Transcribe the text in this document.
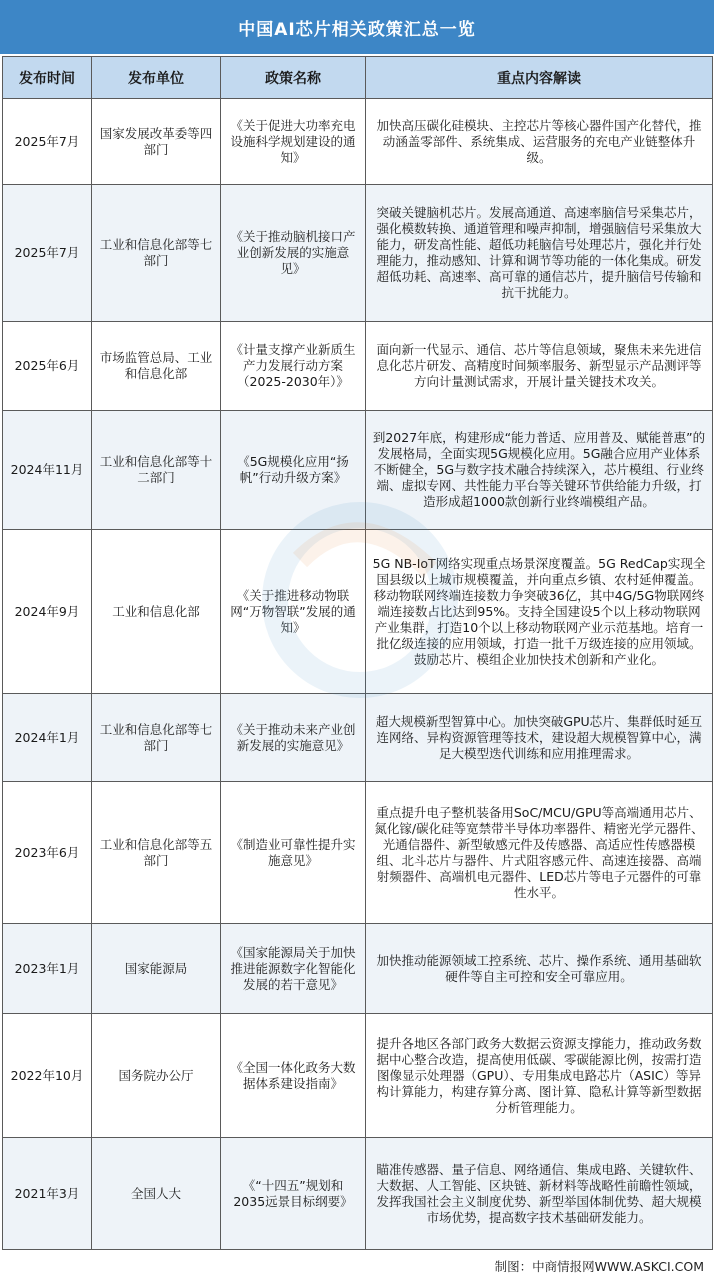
中国AI芯片相关政策汇总一览
发布时间	发布单位	政策名称	重点内容解读
2025年7月	国家发展改革委等四部门	《关于促进大功率充电设施科学规划建设的通知》	加快高压碳化硅模块、主控芯片等核心器件国产化替代，推动涵盖零部件、系统集成、运营服务的充电产业链整体升级。
2025年7月	工业和信息化部等七部门	《关于推动脑机接口产业创新发展的实施意见》	突破关键脑机芯片。发展高通道、高速率脑信号采集芯片，强化模数转换、通道管理和噪声抑制，增强脑信号采集放大能力，研发高性能、超低功耗脑信号处理芯片，强化并行处理能力，推动感知、计算和调节等功能的一体化集成。研发超低功耗、高速率、高可靠的通信芯片，提升脑信号传输和抗干扰能力。
2025年6月	市场监管总局、工业和信息化部	《计量支撑产业新质生产力发展行动方案（2025-2030年）》	面向新一代显示、通信、芯片等信息领域，聚焦未来先进信息化芯片研发、高精度时间频率服务、新型显示产品测评等方向计量测试需求，开展计量关键技术攻关。
2024年11月	工业和信息化部等十二部门	《5G规模化应用“扬帆”行动升级方案》	到2027年底，构建形成“能力普适、应用普及、赋能普惠”的发展格局，全面实现5G规模化应用。5G融合应用产业体系不断健全，5G与数字技术融合持续深入，芯片模组、行业终端、虚拟专网、共性能力平台等关键环节供给能力升级，打造形成超1000款创新行业终端模组产品。
2024年9月	工业和信息化部	《关于推进移动物联网“万物智联”发展的通知》	5G NB-IoT网络实现重点场景深度覆盖。5G RedCap实现全国县级以上城市规模覆盖，并向重点乡镇、农村延伸覆盖。移动物联网终端连接数力争突破36亿，其中4G/5G物联网终端连接数占比达到95%。支持全国建设5个以上移动物联网产业集群，打造10个以上移动物联网产业示范基地。培育一批亿级连接的应用领域，打造一批千万级连接的应用领域。鼓励芯片、模组企业加快技术创新和产业化。
2024年1月	工业和信息化部等七部门	《关于推动未来产业创新发展的实施意见》	超大规模新型智算中心。加快突破GPU芯片、集群低时延互连网络、异构资源管理等技术，建设超大规模智算中心，满足大模型迭代训练和应用推理需求。
2023年6月	工业和信息化部等五部门	《制造业可靠性提升实施意见》	重点提升电子整机装备用SoC/MCU/GPU等高端通用芯片、氮化镓/碳化硅等宽禁带半导体功率器件、精密光学元器件、光通信器件、新型敏感元件及传感器、高适应性传感器模组、北斗芯片与器件、片式阻容感元件、高速连接器、高端射频器件、高端机电元器件、LED芯片等电子元器件的可靠性水平。
2023年1月	国家能源局	《国家能源局关于加快推进能源数字化智能化发展的若干意见》	加快推动能源领域工控系统、芯片、操作系统、通用基础软硬件等自主可控和安全可靠应用。
2022年10月	国务院办公厅	《全国一体化政务大数据体系建设指南》	提升各地区各部门政务大数据云资源支撑能力，推动政务数据中心整合改造，提高使用低碳、零碳能源比例，按需打造图像显示处理器（GPU）、专用集成电路芯片（ASIC）等异构计算能力，构建存算分离、图计算、隐私计算等新型数据分析管理能力。
2021年3月	全国人大	《“十四五”规划和2035远景目标纲要》	瞄准传感器、量子信息、网络通信、集成电路、关键软件、大数据、人工智能、区块链、新材料等战略性前瞻性领域，发挥我国社会主义制度优势、新型举国体制优势、超大规模市场优势，提高数字技术基础研发能力。
制图：中商情报网WWW.ASKCI.COM
